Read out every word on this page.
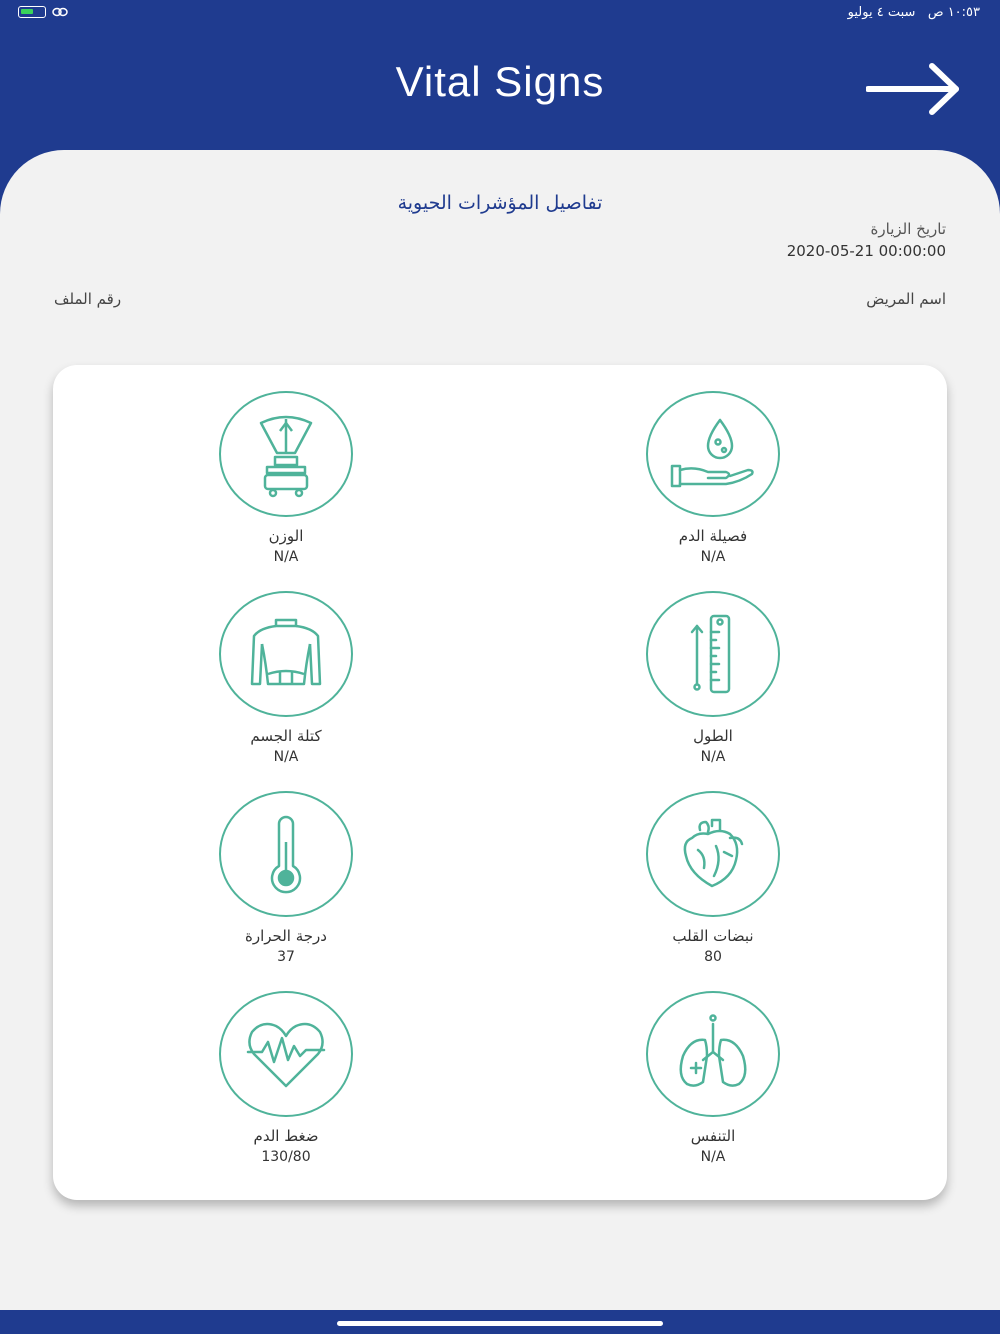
١٠:٥٣ ص   سبت ٤ يوليو
Vital Signs
تفاصيل المؤشرات الحيوية
تاريخ الزيارة
2020-05-21 00:00:00
اسم المريض
رقم الملف
الوزن
N/A
فصيلة الدم
N/A
كتلة الجسم
N/A
الطول
N/A
درجة الحرارة
37
نبضات القلب
80
ضغط الدم
130/80
التنفس
N/A
